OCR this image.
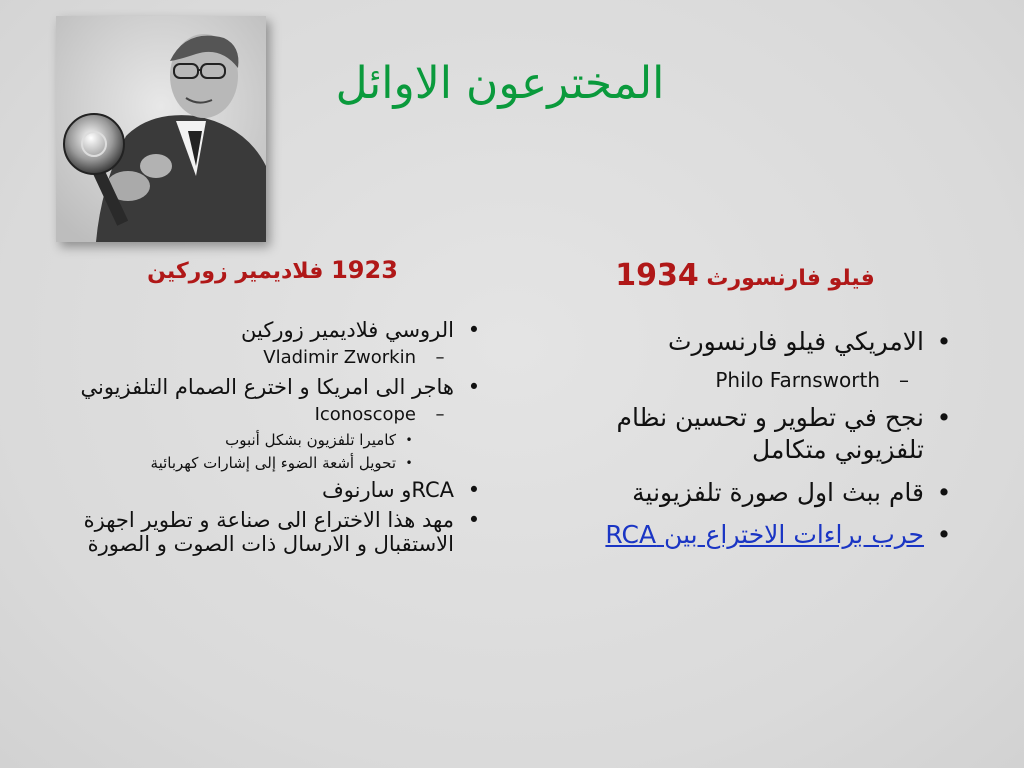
المخترعون الاوائل
1923 فلاديمير زوركين	فيلو فارنسورث 1934
•
الروسي فلاديمير زوركين
–
Vladimir Zworkin
•
هاجر الى امريكا و اخترع الصمام التلفزيوني
–
Iconoscope
•
كاميرا تلفزيون بشكل أنبوب
•
تحويل أشعة الضوء إلى إشارات كهربائية
•
RCAو سارنوف
•
مهد هذا الاختراع الى صناعة و تطوير اجهزة الاستقبال و الارسال ذات الصوت و الصورة
•
الامريكي فيلو فارنسورث
–
Philo Farnsworth
•
نجح في تطوير و تحسين نظام تلفزيوني متكامل
•
قام ببث اول صورة تلفزيونية
•
حرب براءات الاختراع بين RCA
